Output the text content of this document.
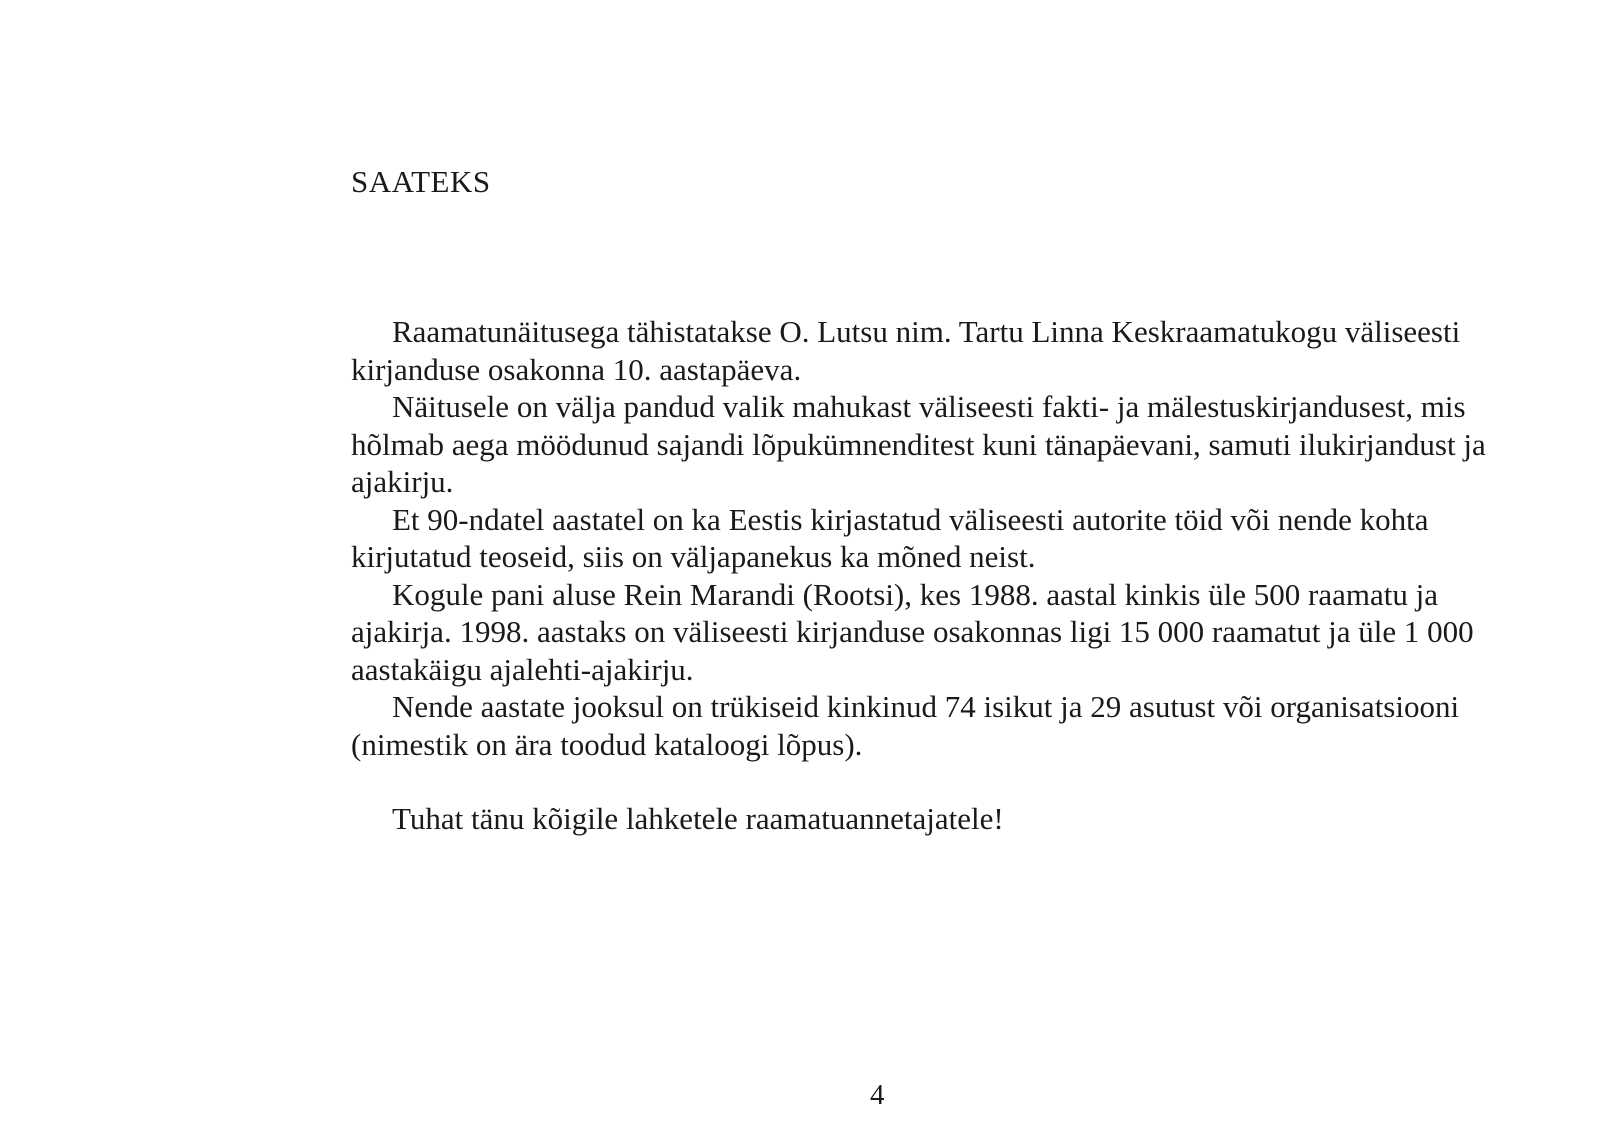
SAATEKS

Raamatunäitusega tähistatakse O. Lutsu nim. Tartu Linna Keskraamatukogu väliseesti kirjanduse osakonna 10. aastapäeva.

Näitusele on välja pandud valik mahukast väliseesti fakti- ja mälestuskirjandusest, mis hõlmab aega möödunud sajandi lõpukümnenditest kuni tänapäevani, samuti ilukirjandust ja ajakirju.

Et 90-ndatel aastatel on ka Eestis kirjastatud väliseesti autorite töid või nende kohta kirjutatud teoseid, siis on väljapanekus ka mõned neist.

Kogule pani aluse Rein Marandi (Rootsi), kes 1988. aastal kinkis üle 500 raamatu ja ajakirja. 1998. aastaks on väliseesti kirjanduse osakonnas ligi 15 000 raamatut ja üle 1 000 aastakäigu ajalehti-ajakirju.

Nende aastate jooksul on trükiseid kinkinud 74 isikut ja 29 asutust või organisatsiooni (nimestik on ära toodud kataloogi lõpus).

Tuhat tänu kõigile lahketele raamatuannetajatele!

4
